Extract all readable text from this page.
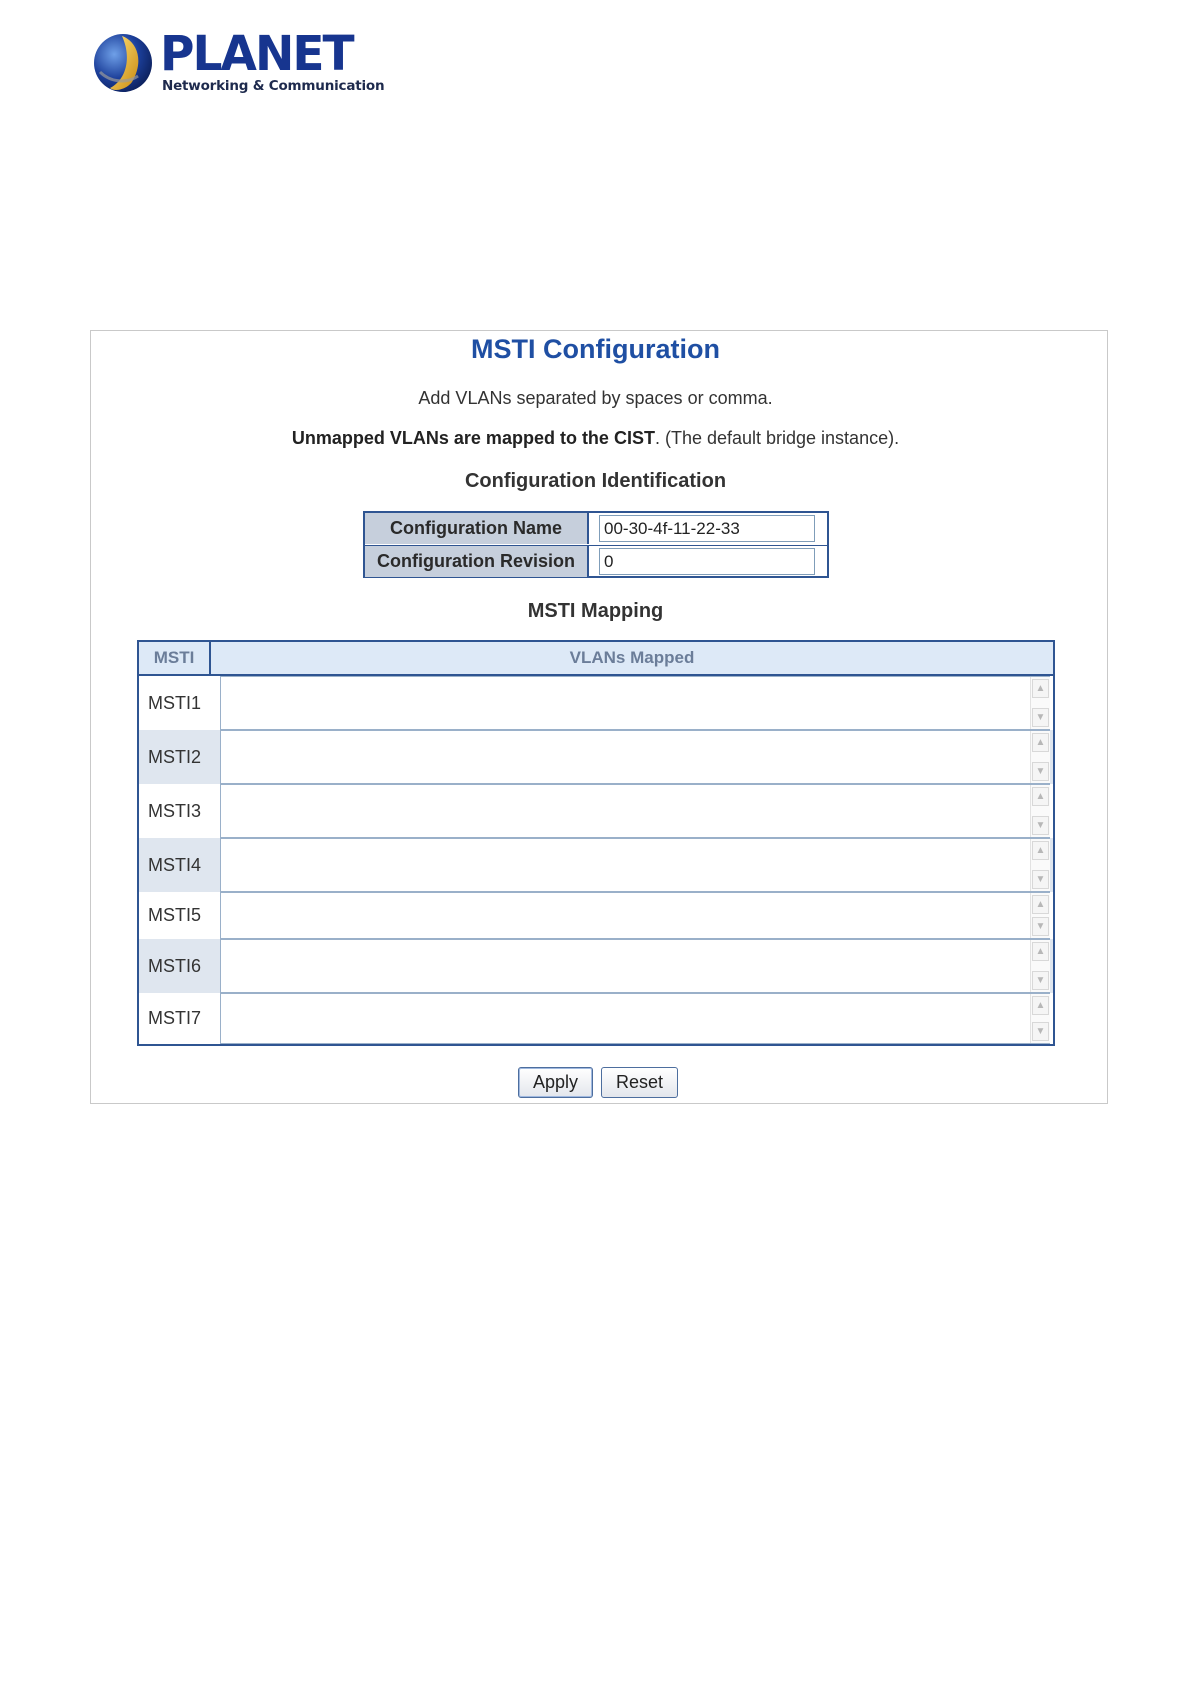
PLANET
Networking & Communication
MSTI Configuration
Add VLANs separated by spaces or comma.
Unmapped VLANs are mapped to the CIST. (The default bridge instance).
Configuration Identification
Configuration Name
00-30-4f-11-22-33
Configuration Revision
0
MSTI Mapping
MSTI	VLANs Mapped
MSTI1
▲
▼
MSTI2
▲
▼
MSTI3
▲
▼
MSTI4
▲
▼
MSTI5
▲
▼
MSTI6
▲
▼
MSTI7
▲
▼
Apply	Reset
